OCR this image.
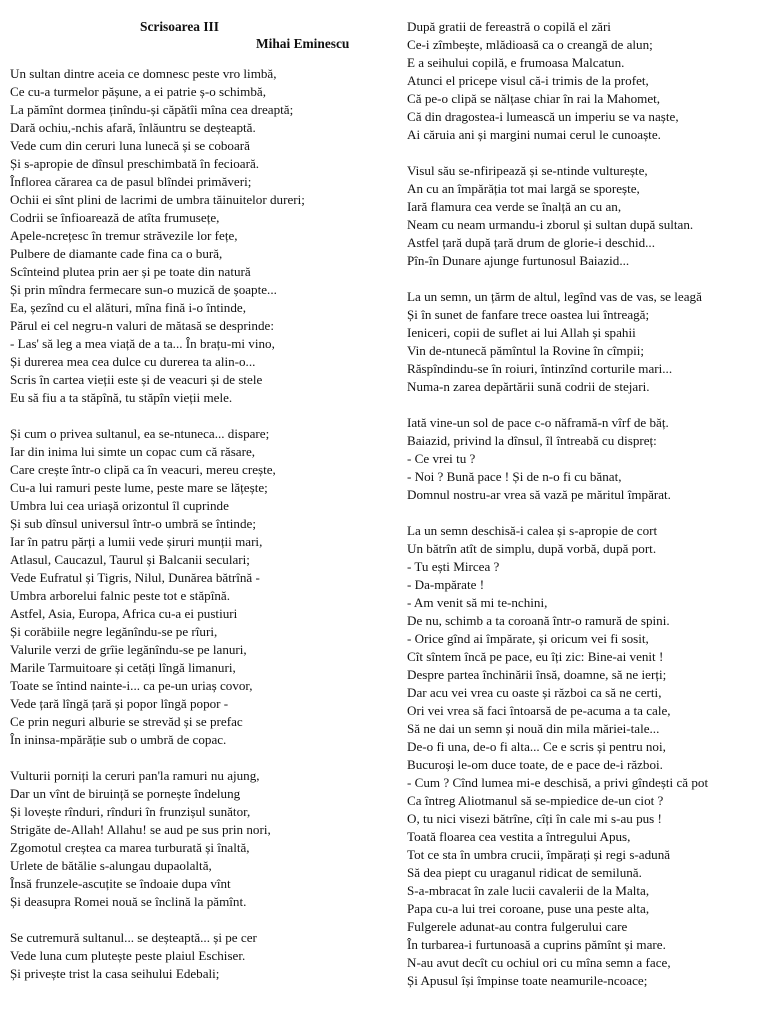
Scrisoarea III
Mihai Eminescu
Un sultan dintre aceia ce domnesc peste vro limbă,
Ce cu-a turmelor pășune, a ei patrie ș-o schimbă,
La pămînt dormea ținîndu-și căpătîi mîna cea dreaptă;
Dară ochiu,-nchis afară, înlăuntru se deșteaptă.
Vede cum din ceruri luna lunecă și se coboară
Și s-apropie de dînsul preschimbată în fecioară.
Înflorea cărarea ca de pasul blîndei primăveri;
Ochii ei sînt plini de lacrimi de umbra tăinuitelor dureri;
Codrii se înfioarează de atîta frumusețe,
Apele-ncrețesc în tremur străvezile lor fețe,
Pulbere de diamante cade fina ca o bură,
Scînteind plutea prin aer și pe toate din natură
Și prin mîndra fermecare sun-o muzică de șoapte...
Ea, șezînd cu el alături, mîna fină i-o întinde,
Părul ei cel negru-n valuri de mătasă se desprinde:
- Las' să leg a mea viață de a ta... În brațu-mi vino,
Și durerea mea cea dulce cu durerea ta alin-o...
Scris în cartea vieții este și de veacuri și de stele
Eu să fiu a ta stăpînă, tu stăpîn vieții mele.
Și cum o privea sultanul, ea se-ntuneca... dispare;
Iar din inima lui simte un copac cum că răsare,
Care crește într-o clipă ca în veacuri, mereu crește,
Cu-a lui ramuri peste lume, peste mare se lățește;
Umbra lui cea uriașă orizontul îl cuprinde
Și sub dînsul universul într-o umbră se întinde;
Iar în patru părți a lumii vede șiruri munții mari,
Atlasul, Caucazul, Taurul și Balcanii seculari;
Vede Eufratul și Tigris, Nilul, Dunărea bătrînă -
Umbra arborelui falnic peste tot e stăpînă.
Astfel, Asia, Europa, Africa cu-a ei pustiuri
Și corăbiile negre legănîndu-se pe rîuri,
Valurile verzi de grîie legănîndu-se pe lanuri,
Marile Tarmuitoare și cetăți lîngă limanuri,
Toate se întind nainte-i... ca pe-un uriaș covor,
Vede țară lîngă țară și popor lîngă popor -
Ce prin neguri alburie se strevăd și se prefac
În ininsa-mpărăție sub o umbră de copac.
Vulturii porniți la ceruri pan'la ramuri nu ajung,
Dar un vînt de biruință se pornește îndelung
Și lovește rînduri, rînduri în frunzișul sunător,
Strigăte de-Allah! Allahu! se aud pe sus prin nori,
Zgomotul creștea ca marea turburată și înaltă,
Urlete de bătălie s-alungau dupaolaltă,
Însă frunzele-ascuțite se îndoaie dupa vînt
Și deasupra Romei nouă se înclină la pămînt.
Se cutremură sultanul... se deșteaptă... și pe cer
Vede luna cum plutește peste plaiul Eschiser.
Și privește trist la casa seihului Edebali;
După gratii de fereastră o copilă el zări
Ce-i zîmbește, mlădioasă ca o creangă de alun;
E a seihului copilă, e frumoasa Malcatun.
Atunci el pricepe visul că-i trimis de la profet,
Că pe-o clipă se nălțase chiar în rai la Mahomet,
Că din dragostea-i lumească un imperiu se va naște,
Ai căruia ani și margini numai cerul le cunoaște.
Visul său se-nfiripează și se-ntinde vulturește,
An cu an împărăția tot mai largă se sporește,
Iară flamura cea verde se înalță an cu an,
Neam cu neam urmandu-i zborul și sultan după sultan.
Astfel țară după țară drum de glorie-i deschid...
Pîn-în Dunare ajunge furtunosul Baiazid...
La un semn, un țărm de altul, legînd vas de vas, se leagă
Și în sunet de fanfare trece oastea lui întreagă;
Ieniceri, copii de suflet ai lui Allah și spahii
Vin de-ntunecă pămîntul la Rovine în cîmpii;
Răspîndindu-se în roiuri, întinzînd corturile mari...
Numa-n zarea depărtării sună codrii de stejari.
Iată vine-un sol de pace c-o năframă-n vîrf de băț.
Baiazid, privind la dînsul, îl întreabă cu dispreț:
- Ce vrei tu ?
- Noi ? Bună pace ! Și de n-o fi cu bănat,
Domnul nostru-ar vrea să vază pe măritul împărat.
La un semn deschisă-i calea și s-apropie de cort
Un bătrîn atît de simplu, după vorbă, după port.
- Tu ești Mircea ?
- Da-mpărate !
- Am venit să mi te-nchini,
De nu, schimb a ta coroană într-o ramură de spini.
- Orice gînd ai împărate, și oricum vei fi sosit,
Cît sîntem încă pe pace, eu îți zic: Bine-ai venit !
Despre partea închinării însă, doamne, să ne ierți;
Dar acu vei vrea cu oaste și război ca să ne certi,
Ori vei vrea să faci întoarsă de pe-acuma a ta cale,
Să ne dai un semn și nouă din mila măriei-tale...
De-o fi una, de-o fi alta... Ce e scris și pentru noi,
Bucuroși le-om duce toate, de e pace de-i război.
- Cum ? Cînd lumea mi-e deschisă, a privi gîndești că pot
Ca întreg Aliotmanul să se-mpiedice de-un ciot ?
O, tu nici visezi bătrîne, cîți în cale mi s-au pus !
Toată floarea cea vestita a întregului Apus,
Tot ce sta în umbra crucii, împărați și regi s-adună
Să dea piept cu uraganul ridicat de semilună.
S-a-mbracat în zale lucii cavalerii de la Malta,
Papa cu-a lui trei coroane, puse una peste alta,
Fulgerele adunat-au contra fulgerului care
În turbarea-i furtunoasă a cuprins pămînt și mare.
N-au avut decît cu ochiul ori cu mîna semn a face,
Și Apusul își împinse toate neamurile-ncoace;
